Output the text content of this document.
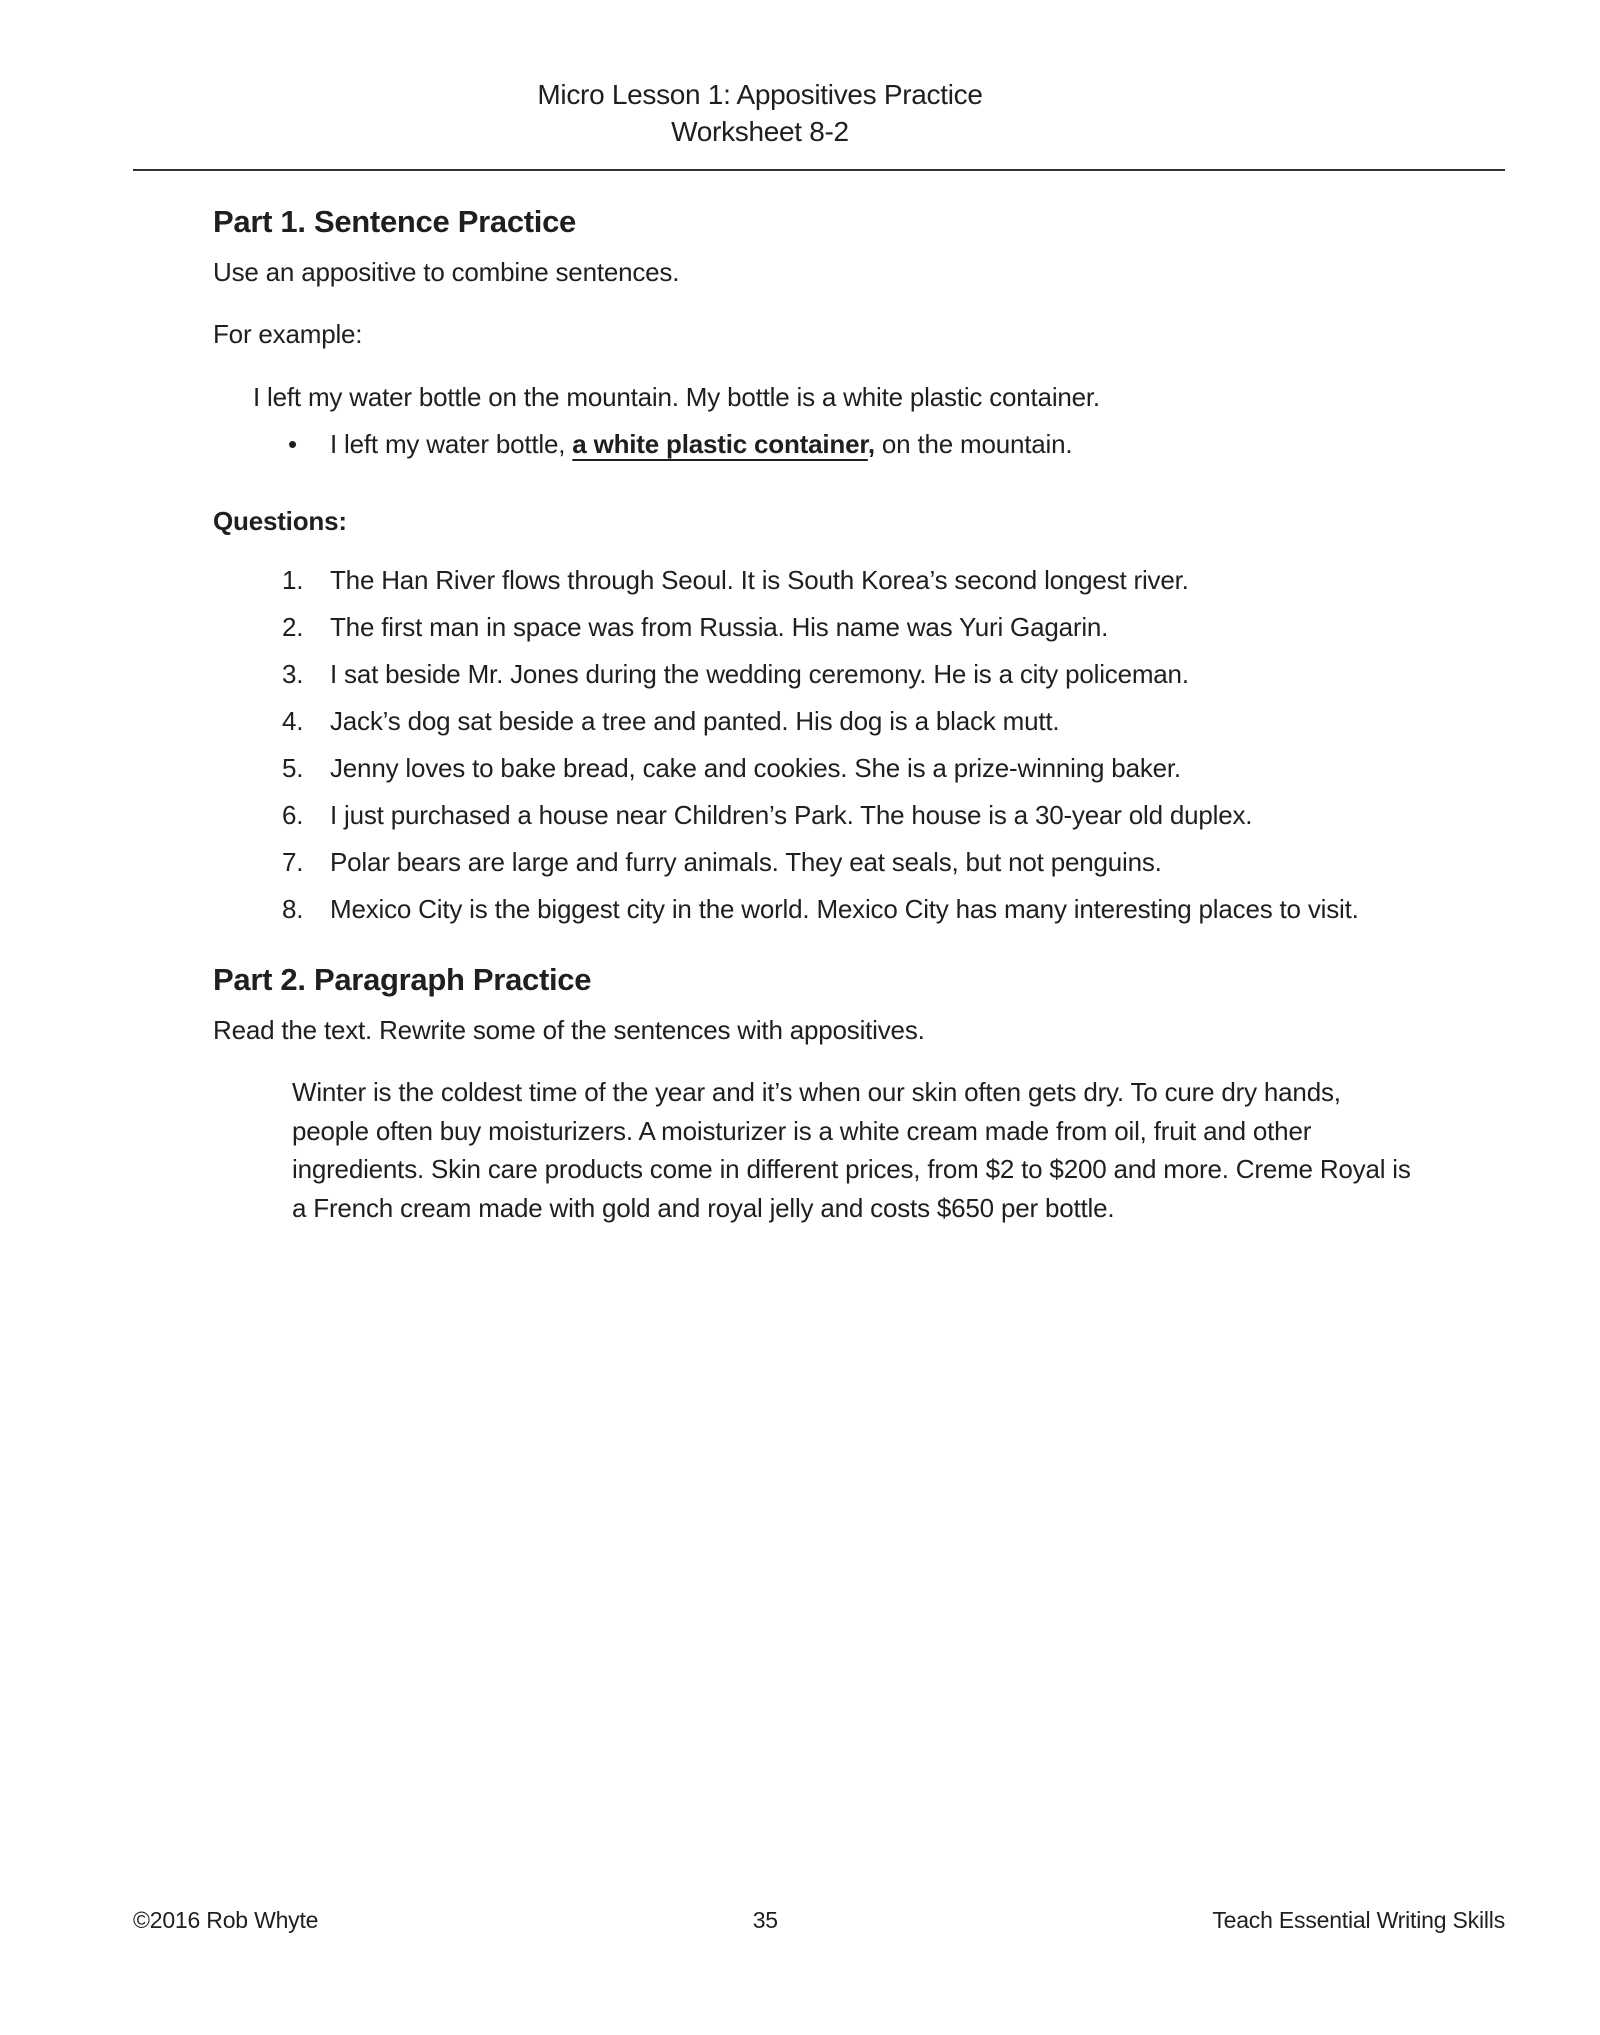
Micro Lesson 1: Appositives Practice
Worksheet 8-2
Part 1. Sentence Practice
Use an appositive to combine sentences.
For example:
I left my water bottle on the mountain. My bottle is a white plastic container.
•	I left my water bottle, a white plastic container, on the mountain.
Questions:
1.	The Han River flows through Seoul. It is South Korea’s second longest river.
2.	The first man in space was from Russia. His name was Yuri Gagarin.
3.	I sat beside Mr. Jones during the wedding ceremony. He is a city policeman.
4.	Jack’s dog sat beside a tree and panted. His dog is a black mutt.
5.	Jenny loves to bake bread, cake and cookies. She is a prize-winning baker.
6.	I just purchased a house near Children’s Park. The house is a 30-year old duplex.
7.	Polar bears are large and furry animals. They eat seals, but not penguins.
8.	Mexico City is the biggest city in the world. Mexico City has many interesting places to visit.
Part 2. Paragraph Practice
Read the text. Rewrite some of the sentences with appositives.
Winter is the coldest time of the year and it’s when our skin often gets dry. To cure dry hands, people often buy moisturizers. A moisturizer is a white cream made from oil, fruit and other ingredients. Skin care products come in different prices, from $2 to $200 and more. Creme Royal is a French cream made with gold and royal jelly and costs $650 per bottle.
©2016 Rob Whyte	35	Teach Essential Writing Skills
